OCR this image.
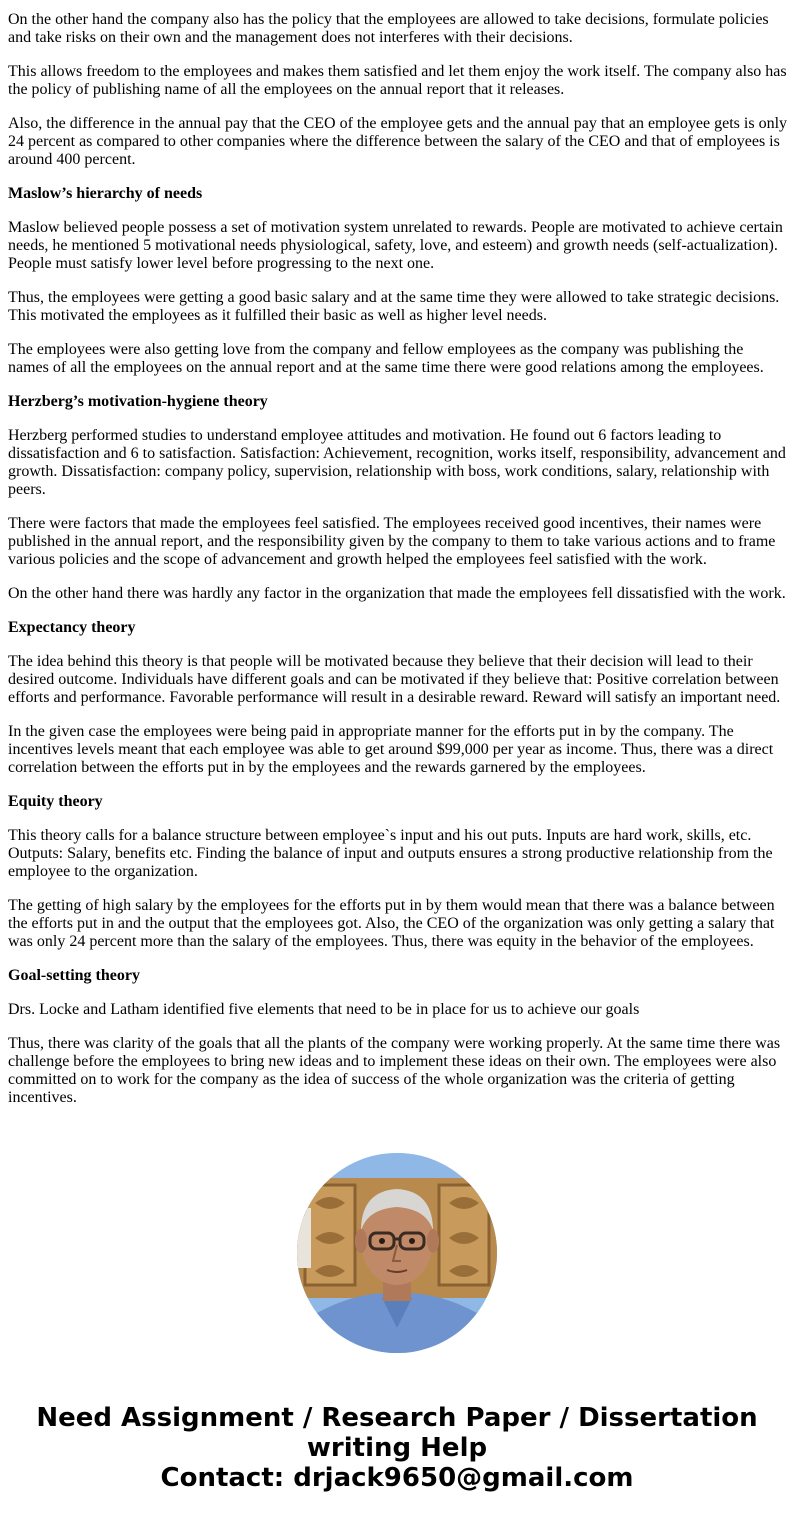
On the other hand the company also has the policy that the employees are allowed to take decisions, formulate policies and take risks on their own and the management does not interferes with their decisions.

This allows freedom to the employees and makes them satisfied and let them enjoy the work itself. The company also has the policy of publishing name of all the employees on the annual report that it releases.

Also, the difference in the annual pay that the CEO of the employee gets and the annual pay that an employee gets is only 24 percent as compared to other companies where the difference between the salary of the CEO and that of employees is around 400 percent.

Maslow’s hierarchy of needs

Maslow believed people possess a set of motivation system unrelated to rewards. People are motivated to achieve certain needs, he mentioned 5 motivational needs physiological, safety, love, and esteem) and growth needs (self-actualization). People must satisfy lower level before progressing to the next one.

Thus, the employees were getting a good basic salary and at the same time they were allowed to take strategic decisions. This motivated the employees as it fulfilled their basic as well as higher level needs.

The employees were also getting love from the company and fellow employees as the company was publishing the names of all the employees on the annual report and at the same time there were good relations among the employees.

Herzberg’s motivation-hygiene theory

Herzberg performed studies to understand employee attitudes and motivation. He found out 6 factors leading to dissatisfaction and 6 to satisfaction. Satisfaction: Achievement, recognition, works itself, responsibility, advancement and growth. Dissatisfaction: company policy, supervision, relationship with boss, work conditions, salary, relationship with peers.

There were factors that made the employees feel satisfied. The employees received good incentives, their names were published in the annual report, and the responsibility given by the company to them to take various actions and to frame various policies and the scope of advancement and growth helped the employees feel satisfied with the work.

On the other hand there was hardly any factor in the organization that made the employees fell dissatisfied with the work.

Expectancy theory

The idea behind this theory is that people will be motivated because they believe that their decision will lead to their desired outcome. Individuals have different goals and can be motivated if they believe that: Positive correlation between efforts and performance. Favorable performance will result in a desirable reward. Reward will satisfy an important need.

In the given case the employees were being paid in appropriate manner for the efforts put in by the company. The incentives levels meant that each employee was able to get around $99,000 per year as income. Thus, there was a direct correlation between the efforts put in by the employees and the rewards garnered by the employees.

Equity theory

This theory calls for a balance structure between employee`s input and his out puts. Inputs are hard work, skills, etc. Outputs: Salary, benefits etc. Finding the balance of input and outputs ensures a strong productive relationship from the employee to the organization.

The getting of high salary by the employees for the efforts put in by them would mean that there was a balance between the efforts put in and the output that the employees got. Also, the CEO of the organization was only getting a salary that was only 24 percent more than the salary of the employees. Thus, there was equity in the behavior of the employees.

Goal-setting theory

Drs. Locke and Latham identified five elements that need to be in place for us to achieve our goals

Thus, there was clarity of the goals that all the plants of the company were working properly. At the same time there was challenge before the employees to bring new ideas and to implement these ideas on their own. The employees were also committed on to work for the company as the idea of success of the whole organization was the criteria of getting incentives.

Need Assignment / Research Paper / Dissertation writing Help
Contact: drjack9650@gmail.com
